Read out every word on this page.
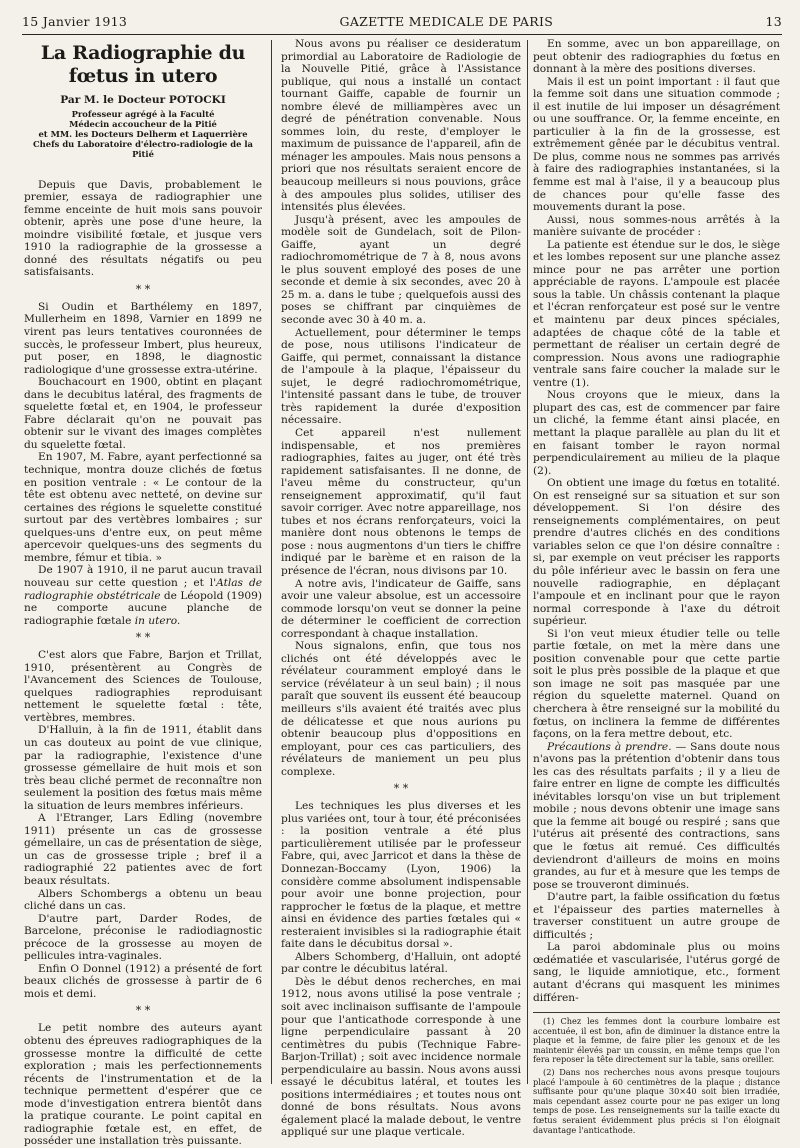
15 Janvier 1913	GAZETTE MEDICALE DE PARIS	13
La Radiographie du fœtus in utero
Par M. le Docteur POTOCKI
Professeur agrégé à la Faculté
Médecin accoucheur de la Pitié
et MM. les Docteurs Delherm et Laquerrière
Chefs du Laboratoire d'électro-radiologie de la Pitié

Depuis que Davis, probablement le premier, essaya de radiographier une femme enceinte de huit mois sans pouvoir obtenir, après une pose d'une heure, la moindre visibilité fœtale, et jusque vers 1910 la radiographie de la grossesse a donné des résultats négatifs ou peu satisfaisants.

* *

Si Oudin et Barthélemy en 1897, Mullerheim en 1898, Varnier en 1899 ne virent pas leurs tentatives couronnées de succès, le professeur Imbert, plus heureux, put poser, en 1898, le diagnostic radiologique d'une grossesse extra-utérine.

Bouchacourt en 1900, obtint en plaçant dans le decubitus latéral, des fragments de squelette fœtal et, en 1904, le professeur Fabre déclarait qu'on ne pouvait pas obtenir sur le vivant des images complètes du squelette fœtal.

En 1907, M. Fabre, ayant perfectionné sa technique, montra douze clichés de fœtus en position ventrale : « Le contour de la tête est obtenu avec netteté, on devine sur certaines des régions le squelette constitué surtout par des vertèbres lombaires ; sur quelques-uns d'entre eux, on peut même apercevoir quelques-uns des segments du membre, fémur et tibia. »

De 1907 à 1910, il ne parut aucun travail nouveau sur cette question ; et l'Atlas de radiographie obstétricale de Léopold (1909) ne comporte aucune planche de radiographie fœtale in utero.

* *

C'est alors que Fabre, Barjon et Trillat, 1910, présentèrent au Congrès de l'Avancement des Sciences de Toulouse, quelques radiographies reproduisant nettement le squelette fœtal : tête, vertèbres, membres.

D'Halluin, à la fin de 1911, établit dans un cas douteux au point de vue clinique, par la radiographie, l'existence d'une grossesse gémellaire de huit mois et son très beau cliché permet de reconnaître non seulement la position des fœtus mais même la situation de leurs membres inférieurs.

A l'Etranger, Lars Edling (novembre 1911) présente un cas de grossesse gémellaire, un cas de présentation de siège, un cas de grossesse triple ; bref il a radiographié 22 patientes avec de fort beaux résultats.

Albers Schombergs a obtenu un beau cliché dans un cas.

D'autre part, Darder Rodes, de Barcelone, préconise le radiodiagnostic précoce de la grossesse au moyen de pellicules intra-vaginales.

Enfin O Donnel (1912) a présenté de fort beaux clichés de grossesse à partir de 6 mois et demi.

* *

Le petit nombre des auteurs ayant obtenu des épreuves radiographiques de la grossesse montre la difficulté de cette exploration ; mais les perfectionnements récents de l'instrumentation et de la technique permettent d'espérer que ce mode d'investigation entrera bientôt dans la pratique courante. Le point capital en radiographie fœtale est, en effet, de posséder une installation très puissante.

Nous avons pu réaliser ce desideratum primordial au Laboratoire de Radiologie de la Nouvelle Pitié, grâce à l'Assistance publique, qui nous a installé un contact tournant Gaiffe, capable de fournir un nombre élevé de milliampères avec un degré de pénétration convenable. Nous sommes loin, du reste, d'employer le maximum de puissance de l'appareil, afin de ménager les ampoules. Mais nous pensons a priori que nos résultats seraient encore de beaucoup meilleurs si nous pouvions, grâce à des ampoules plus solides, utiliser des intensités plus élevées.

Jusqu'à présent, avec les ampoules de modèle soit de Gundelach, soit de Pilon-Gaiffe, ayant un degré radiochromométrique de 7 à 8, nous avons le plus souvent employé des poses de une seconde et demie à six secondes, avec 20 à 25 m. a. dans le tube ; quelquefois aussi des poses se chiffrant par cinquièmes de seconde avec 30 à 40 m. a.

Actuellement, pour déterminer le temps de pose, nous utilisons l'indicateur de Gaiffe, qui permet, connaissant la distance de l'ampoule à la plaque, l'épaisseur du sujet, le degré radiochromométrique, l'intensité passant dans le tube, de trouver très rapidement la durée d'exposition nécessaire.

Cet appareil n'est nullement indispensable, et nos premières radiographies, faites au juger, ont été très rapidement satisfaisantes. Il ne donne, de l'aveu même du constructeur, qu'un renseignement approximatif, qu'il faut savoir corriger. Avec notre appareillage, nos tubes et nos écrans renforçateurs, voici la manière dont nous obtenons le temps de pose : nous augmentons d'un tiers le chiffre indiqué par le barème et en raison de la présence de l'écran, nous divisons par 10.

A notre avis, l'indicateur de Gaiffe, sans avoir une valeur absolue, est un accessoire commode lorsqu'on veut se donner la peine de déterminer le coefficient de correction correspondant à chaque installation.

Nous signalons, enfin, que tous nos clichés ont été développés avec le révélateur couramment employé dans le service (révélateur à un seul bain) ; il nous paraît que souvent ils eussent été beaucoup meilleurs s'ils avaient été traités avec plus de délicatesse et que nous aurions pu obtenir beaucoup plus d'oppositions en employant, pour ces cas particuliers, des révélateurs de maniement un peu plus complexe.

* *

Les techniques les plus diverses et les plus variées ont, tour à tour, été préconisées : la position ventrale a été plus particulièrement utilisée par le professeur Fabre, qui, avec Jarricot et dans la thèse de Donnezan-Boccamy (Lyon, 1906) la considère comme absolument indispensable pour avoir une bonne projection, pour rapprocher le fœtus de la plaque, et mettre ainsi en évidence des parties fœtales qui « resteraient invisibles si la radiographie était faite dans le décubitus dorsal ».

Albers Schomberg, d'Halluin, ont adopté par contre le décubitus latéral.

Dès le début denos recherches, en mai 1912, nous avons utilisé la pose ventrale ; soit avec inclinaison suffisante de l'ampoule pour que l'anticathode corresponde à une ligne perpendiculaire passant à 20 centimètres du pubis (Technique Fabre-Barjon-Trillat) ; soit avec incidence normale perpendiculaire au bassin. Nous avons aussi essayé le décubitus latéral, et toutes les positions intermédiaires ; et toutes nous ont donné de bons résultats. Nous avons également placé la malade debout, le ventre appliqué sur une plaque verticale.

En somme, avec un bon appareillage, on peut obtenir des radiographies du fœtus en donnant à la mère des positions diverses.

Mais il est un point important : il faut que la femme soit dans une situation commode ; il est inutile de lui imposer un désagrément ou une souffrance. Or, la femme enceinte, en particulier à la fin de la grossesse, est extrêmement gênée par le décubitus ventral. De plus, comme nous ne sommes pas arrivés à faire des radiographies instantanées, si la femme est mal à l'aise, il y a beaucoup plus de chances pour qu'elle fasse des mouvements durant la pose.

Aussi, nous sommes-nous arrêtés à la manière suivante de procéder :

La patiente est étendue sur le dos, le siège et les lombes reposent sur une planche assez mince pour ne pas arrêter une portion appréciable de rayons. L'ampoule est placée sous la table. Un châssis contenant la plaque et l'écran renforçateur est posé sur le ventre et maintenu par deux pinces spéciales, adaptées de chaque côté de la table et permettant de réaliser un certain degré de compression. Nous avons une radiographie ventrale sans faire coucher la malade sur le ventre (1).

Nous croyons que le mieux, dans la plupart des cas, est de commencer par faire un cliché, la femme étant ainsi placée, en mettant la plaque parallèle au plan du lit et en faisant tomber le rayon normal perpendiculairement au milieu de la plaque (2).

On obtient une image du fœtus en totalité. On est renseigné sur sa situation et sur son développement. Si l'on désire des renseignements complémentaires, on peut prendre d'autres clichés en des conditions variables selon ce que l'on désire connaître : si, par exemple on veut préciser les rapports du pôle inférieur avec le bassin on fera une nouvelle radiographie, en déplaçant l'ampoule et en inclinant pour que le rayon normal corresponde à l'axe du détroit supérieur.

Si l'on veut mieux étudier telle ou telle partie fœtale, on met la mère dans une position convenable pour que cette partie soit le plus près possible de la plaque et que son image ne soit pas masquée par une région du squelette maternel. Quand on cherchera à être renseigné sur la mobilité du fœtus, on inclinera la femme de différentes façons, on la fera mettre debout, etc.

Précautions à prendre. — Sans doute nous n'avons pas la prétention d'obtenir dans tous les cas des résultats parfaits ; il y a lieu de faire entrer en ligne de compte les difficultés inévitables lorsqu'on vise un but triplement mobile ; nous devons obtenir une image sans que la femme ait bougé ou respiré ; sans que l'utérus ait présenté des contractions, sans que le fœtus ait remué. Ces difficultés deviendront d'ailleurs de moins en moins grandes, au fur et à mesure que les temps de pose se trouveront diminués.

D'autre part, la faible ossification du fœtus et l'épaisseur des parties maternelles à traverser constituent un autre groupe de difficultés ;

La paroi abdominale plus ou moins œdématiée et vascularisée, l'utérus gorgé de sang, le liquide amniotique, etc., forment autant d'écrans qui masquent les minimes différen-

(1) Chez les femmes dont la courbure lombaire est accentuée, il est bon, afin de diminuer la distance entre la plaque et la femme, de faire plier les genoux et de les maintenir élevés par un coussin, en même temps que l'on fera reposer la tête directement sur la table, sans oreiller.

(2) Dans nos recherches nous avons presque toujours placé l'ampoule à 60 centimètres de la plaque ; distance suffisante pour qu'une plaque 30×40 soit bien irradiée, mais cependant assez courte pour ne pas exiger un long temps de pose. Les renseignements sur la taille exacte du fœtus seraient évidemment plus précis si l'on éloignait davantage l'anticathode.
